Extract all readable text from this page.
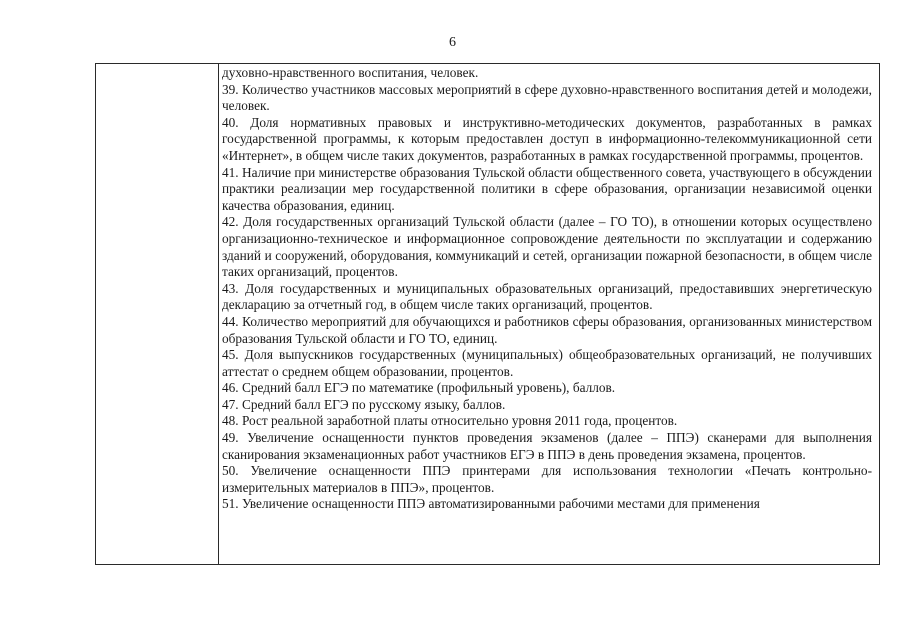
6

духовно-нравственного воспитания, человек.

39. Количество участников массовых мероприятий в сфере духовно-нравственного воспитания детей и молодежи, человек.

40. Доля нормативных правовых и инструктивно-методических документов, разработанных в рамках государственной программы, к которым предоставлен доступ в информационно-телекоммуникационной сети «Интернет», в общем числе таких документов, разработанных в рамках государственной программы, процентов.

41. Наличие при министерстве образования Тульской области общественного совета, участвующего в обсуждении практики реализации мер государственной политики в сфере образования, организации независимой оценки качества образования, единиц.

42. Доля государственных организаций Тульской области (далее – ГО ТО), в отношении которых осуществлено организационно-техническое и информационное сопровождение деятельности по эксплуатации и содержанию зданий и сооружений, оборудования, коммуникаций и сетей, организации пожарной безопасности, в общем числе таких организаций, процентов.

43. Доля государственных и муниципальных образовательных организаций, предоставивших энергетическую декларацию за отчетный год, в общем числе таких организаций, процентов.

44. Количество мероприятий для обучающихся и работников сферы образования, организованных министерством образования Тульской области и ГО ТО, единиц.

45. Доля выпускников государственных (муниципальных) общеобразовательных организаций, не получивших аттестат о среднем общем образовании, процентов.

46. Средний балл ЕГЭ по математике (профильный уровень), баллов.

47. Средний балл ЕГЭ по русскому языку, баллов.

48. Рост реальной заработной платы относительно уровня 2011 года, процентов.

49. Увеличение оснащенности пунктов проведения экзаменов (далее – ППЭ) сканерами для выполнения сканирования экзаменационных работ участников ЕГЭ в ППЭ в день проведения экзамена, процентов.

50. Увеличение оснащенности ППЭ принтерами для использования технологии «Печать контрольно-измерительных материалов в ППЭ», процентов.

51. Увеличение оснащенности ППЭ автоматизированными рабочими местами для применения
